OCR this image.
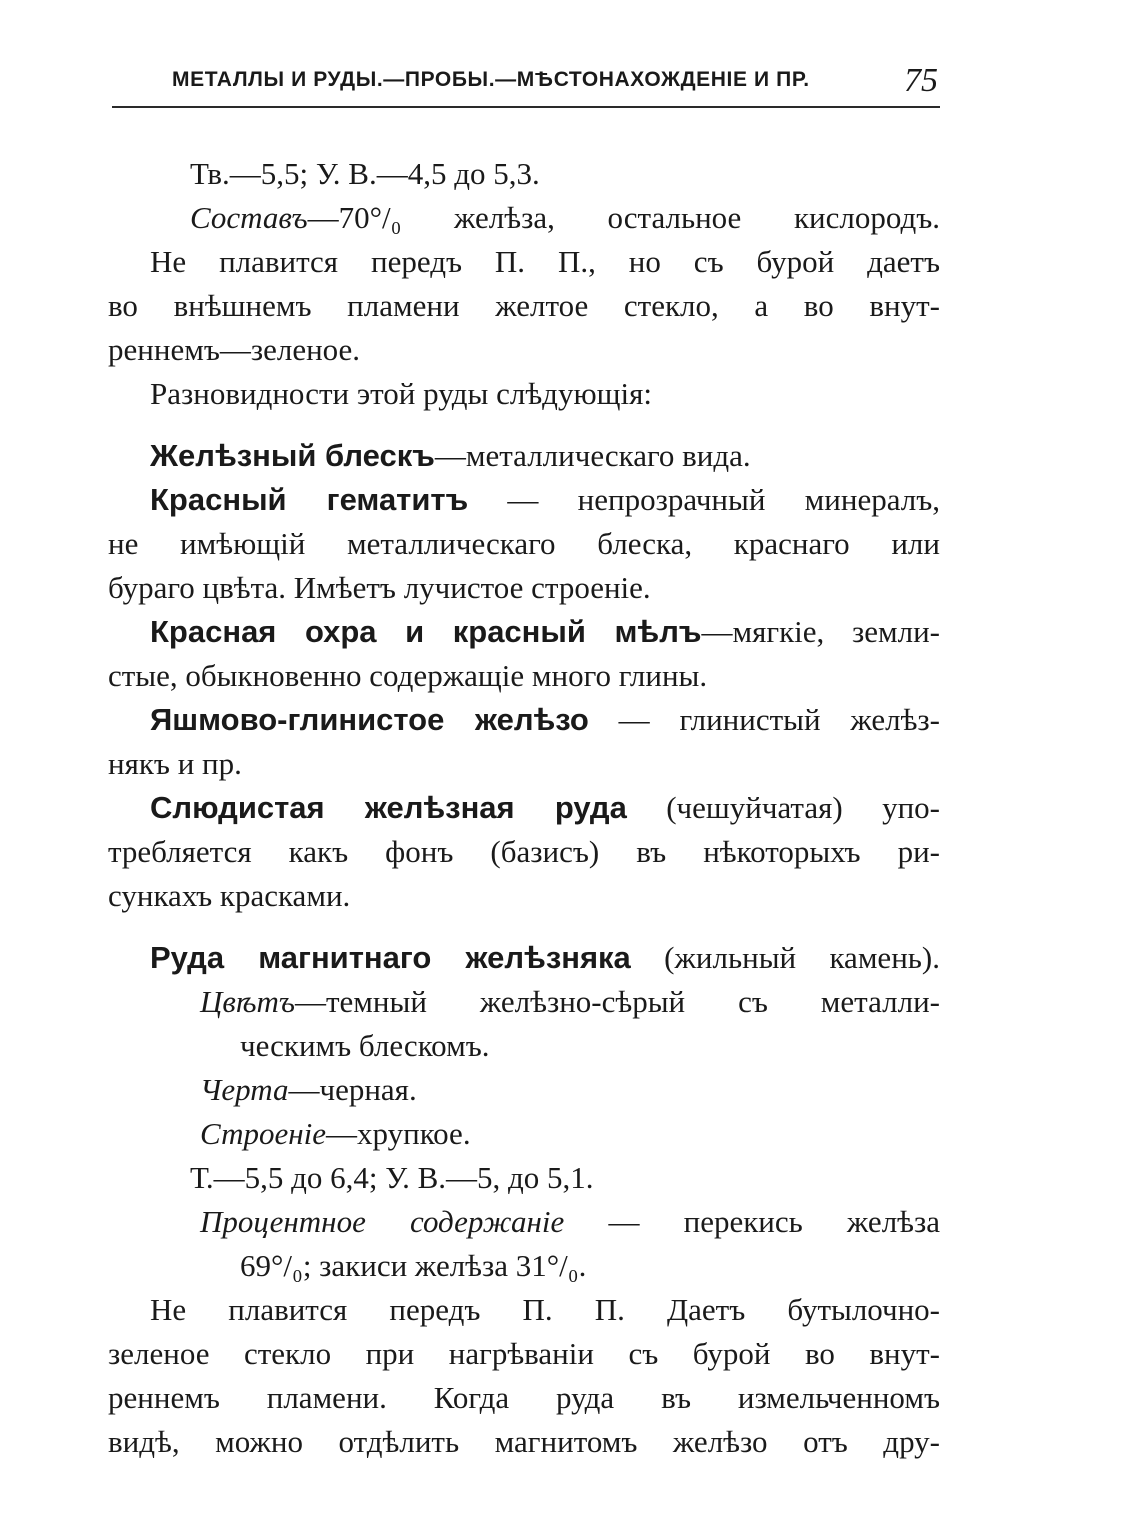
МЕТАЛЛЫ И РУДЫ.—ПРОБЫ.—МѢСТОНАХОЖДЕНІЕ И ПР.	75
Тв.—5,5; У. В.—4,5 до 5,3.
Составъ—70°/₀ желѣза, остальное кислородъ.
Не плавится передъ П. П., но съ бурой даетъ
во внѣшнемъ пламени желтое стекло, а во внут-
реннемъ—зеленое.
Разновидности этой руды слѣдующія:
Желѣзный блескъ—металлическаго вида.
Красный гематитъ — непрозрачный минералъ,
не имѣющій металлическаго блеска, краснаго или
бураго цвѣта. Имѣетъ лучистое строеніе.
Красная охра и красный мѣлъ—мягкіе, земли-
стые, обыкновенно содержащіе много глины.
Яшмово-глинистое желѣзо — глинистый желѣз-
някъ и пр.
Слюдистая желѣзная руда (чешуйчатая) упо-
требляется какъ фонъ (базисъ) въ нѣкоторыхъ ри-
сункахъ красками.
Руда магнитнаго желѣзняка (жильный камень).
Цвѣтъ—темный желѣзно-сѣрый съ металли-
ческимъ блескомъ.
Черта—черная.
Строеніе—хрупкое.
Т.—5,5 до 6,4; У. В.—5, до 5,1.
Процентное содержаніе — перекись желѣза
69°/₀; закиси желѣза 31°/₀.
Не плавится передъ П. П. Даетъ бутылочно-
зеленое стекло при нагрѣваніи съ бурой во внут-
реннемъ пламени. Когда руда въ измельченномъ
видѣ, можно отдѣлить магнитомъ желѣзо отъ дру-
